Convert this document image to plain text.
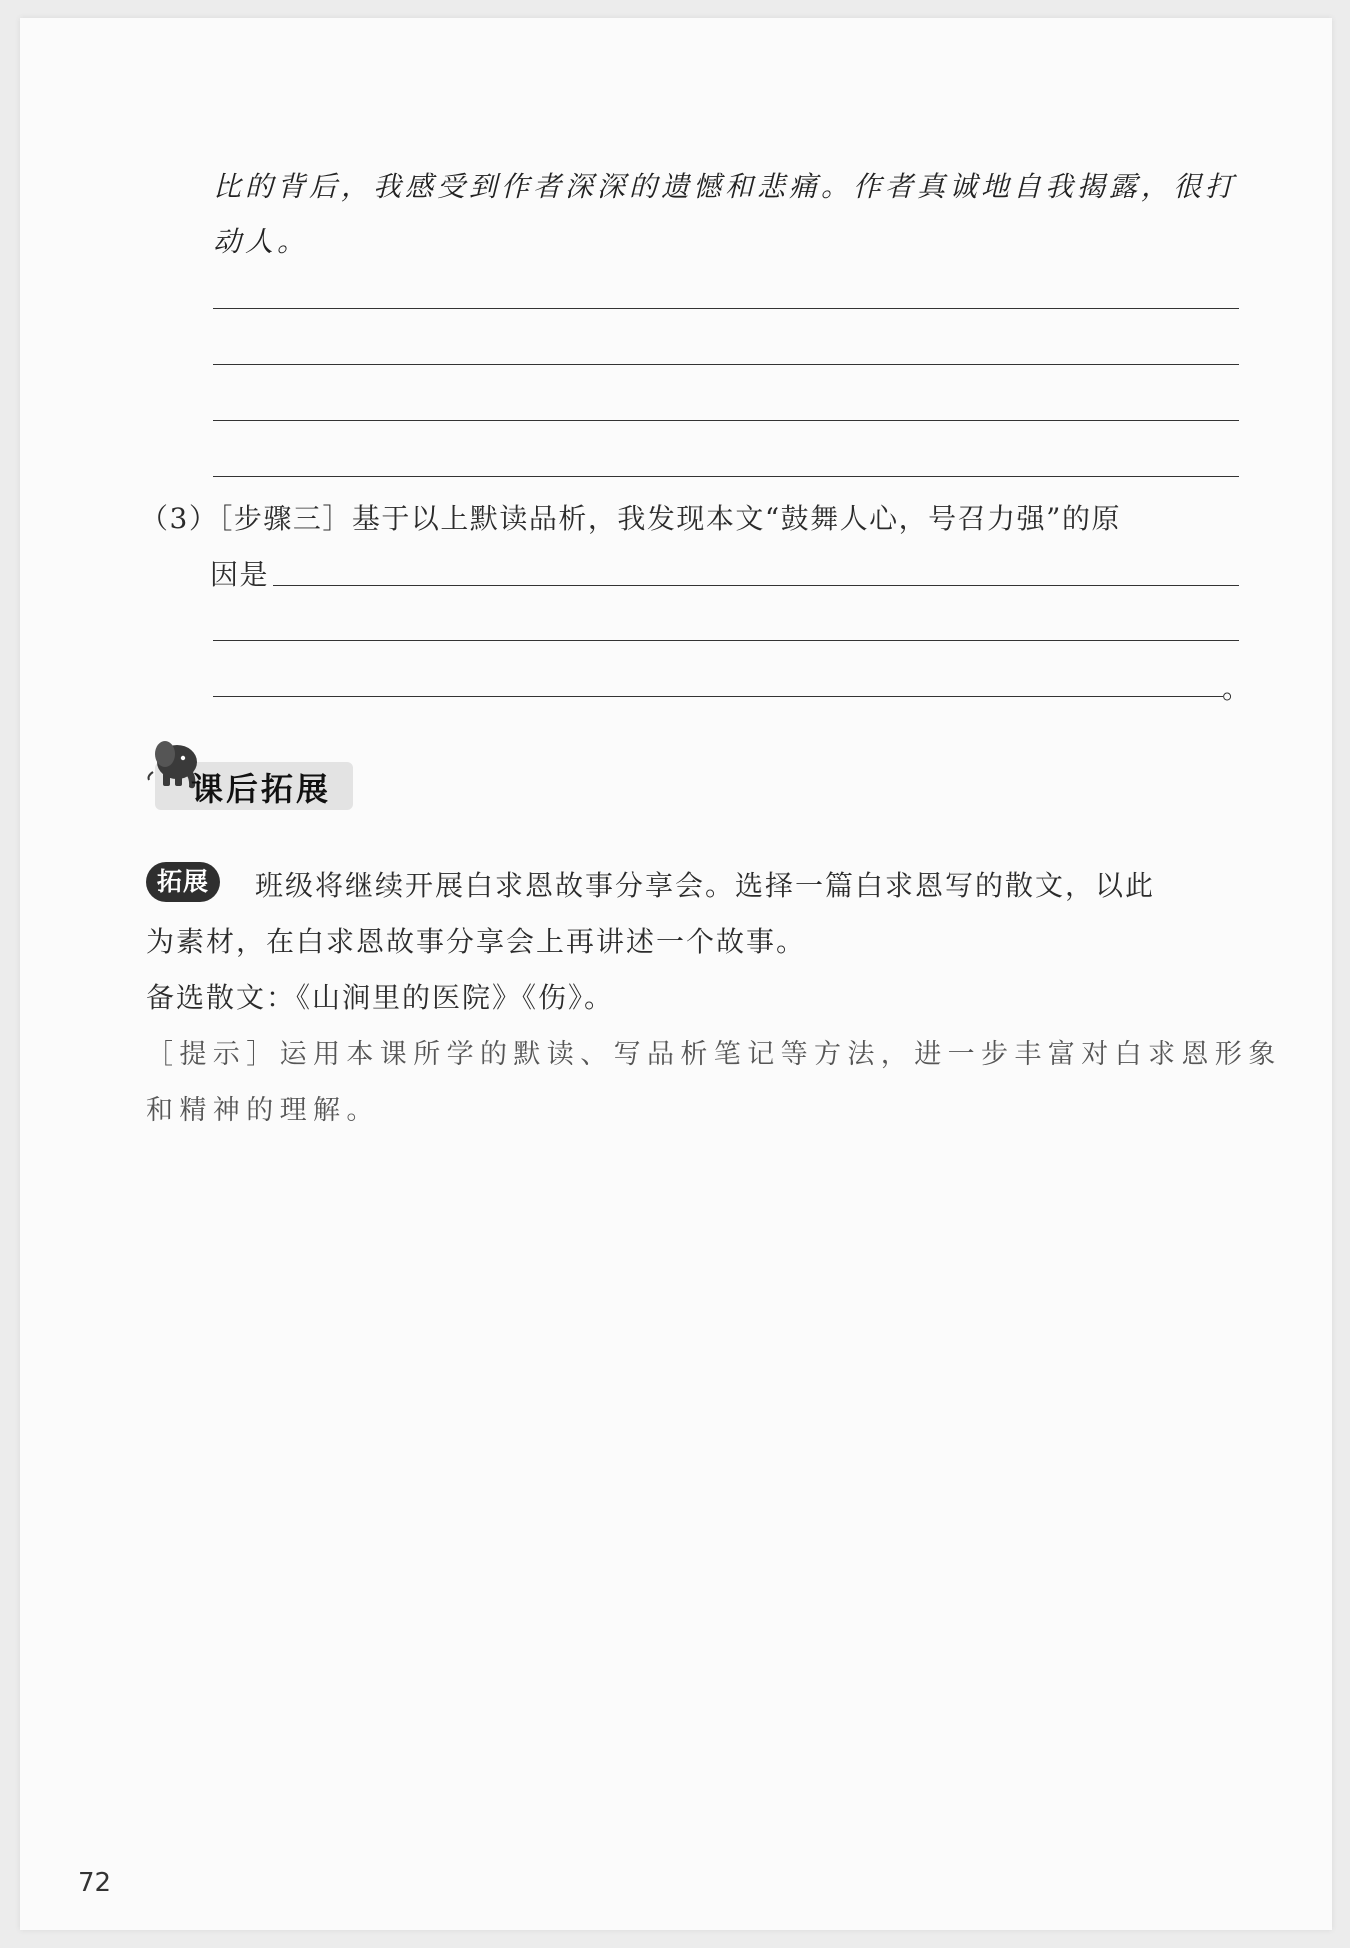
比的背后，我感受到作者深深的遗憾和悲痛。作者真诚地自我揭露，很打
动人。
（3）［步骤三］基于以上默读品析，我发现本文“鼓舞人心，号召力强”的原
因是
。
课后拓展
拓展	班级将继续开展白求恩故事分享会。选择一篇白求恩写的散文，以此
为素材，在白求恩故事分享会上再讲述一个故事。
备选散文：《山涧里的医院》《伤》。
［提示］运用本课所学的默读、写品析笔记等方法，进一步丰富对白求恩形象
和精神的理解。
72
